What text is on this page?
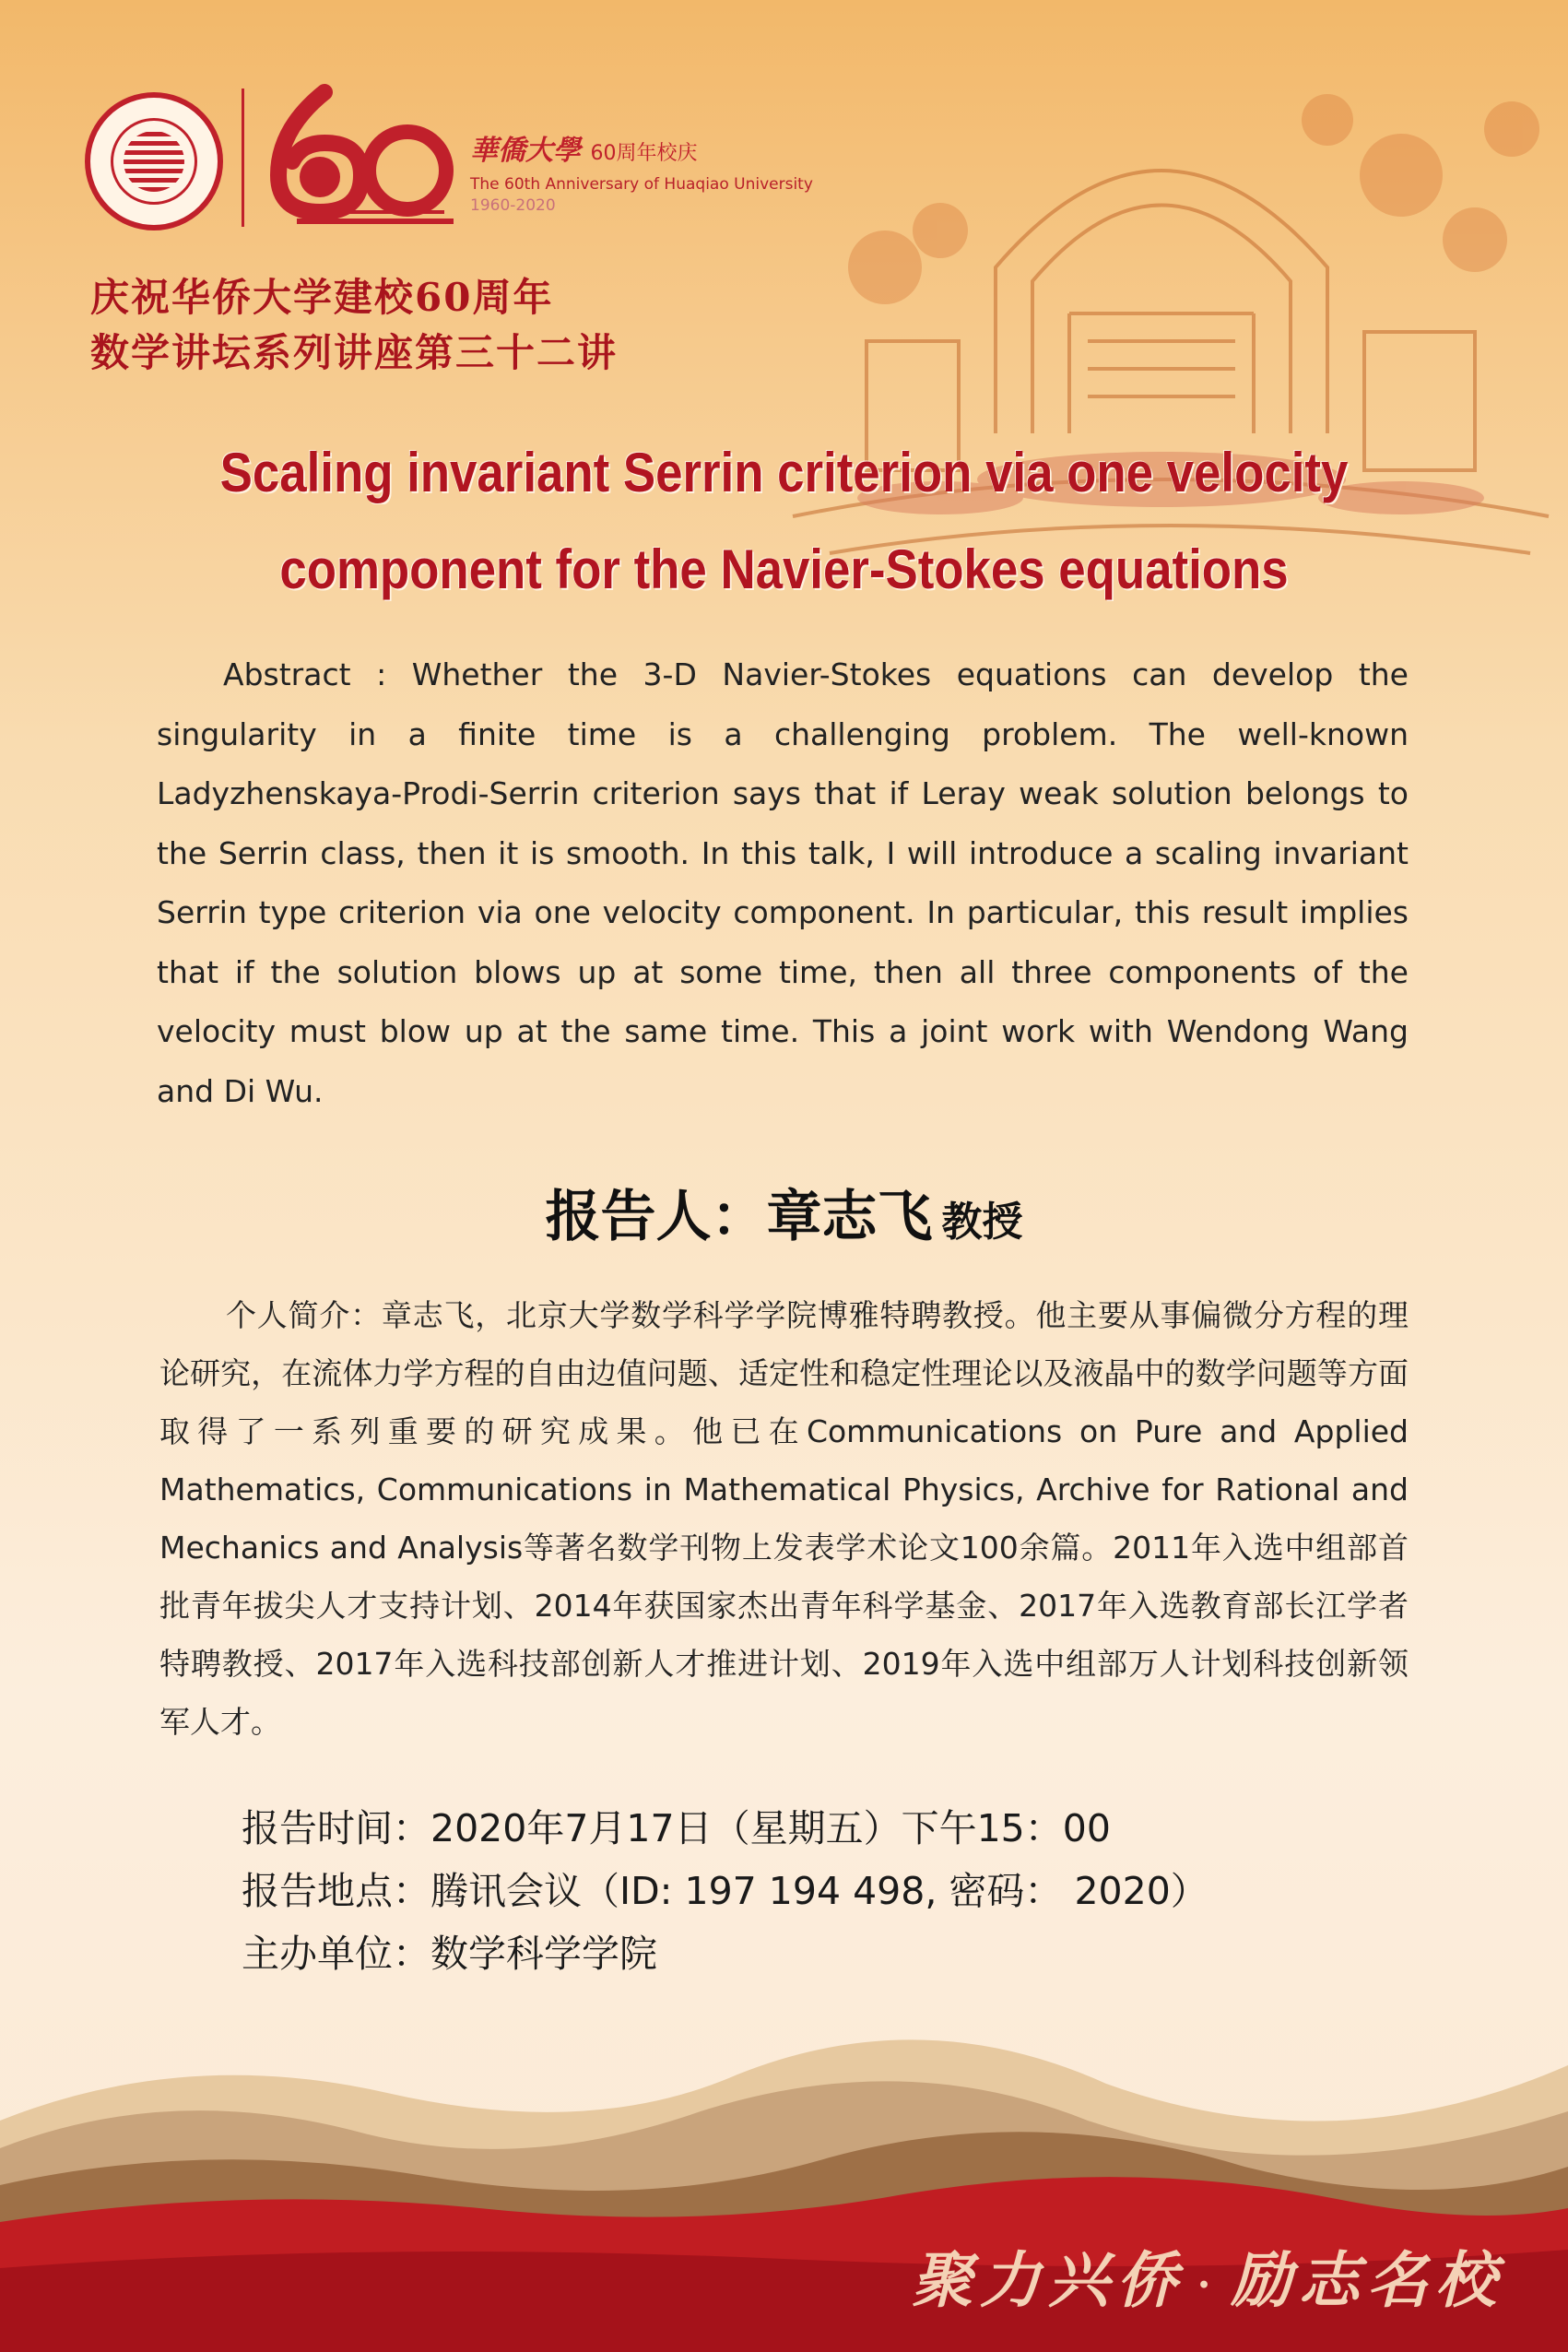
華僑大學 60周年校庆
The 60th Anniversary of Huaqiao University
1960-2020
庆祝华侨大学建校60周年
数学讲坛系列讲座第三十二讲
Scaling invariant Serrin criterion via one velocity
component for the Navier-Stokes equations
Abstract : Whether the 3-D Navier-Stokes equations can develop the singularity in a finite time is a challenging problem. The well-known Ladyzhenskaya-Prodi-Serrin criterion says that if Leray weak solution belongs to the Serrin class, then it is smooth. In this talk, I will introduce a scaling invariant Serrin type criterion via one velocity component. In particular, this result implies that if the solution blows up at some time, then all three components of the velocity must blow up at the same time. This a joint work with Wendong Wang and Di Wu.
报告人：章志飞 教授
个人简介：章志飞，北京大学数学科学学院博雅特聘教授。他主要从事偏微分方程的理论研究，在流体力学方程的自由边值问题、适定性和稳定性理论以及液晶中的数学问题等方面取得了一系列重要的研究成果。他已在Communications on Pure and Applied Mathematics, Communications in Mathematical Physics, Archive for Rational and Mechanics and Analysis等著名数学刊物上发表学术论文100余篇。2011年入选中组部首批青年拔尖人才支持计划、2014年获国家杰出青年科学基金、2017年入选教育部长江学者特聘教授、2017年入选科技部创新人才推进计划、2019年入选中组部万人计划科技创新领军人才。
报告时间：2020年7月17日（星期五）下午15：00
报告地点：腾讯会议（ID: 197 194 498, 密码： 2020）
主办单位：数学科学学院
聚力兴侨 • 励志名校
